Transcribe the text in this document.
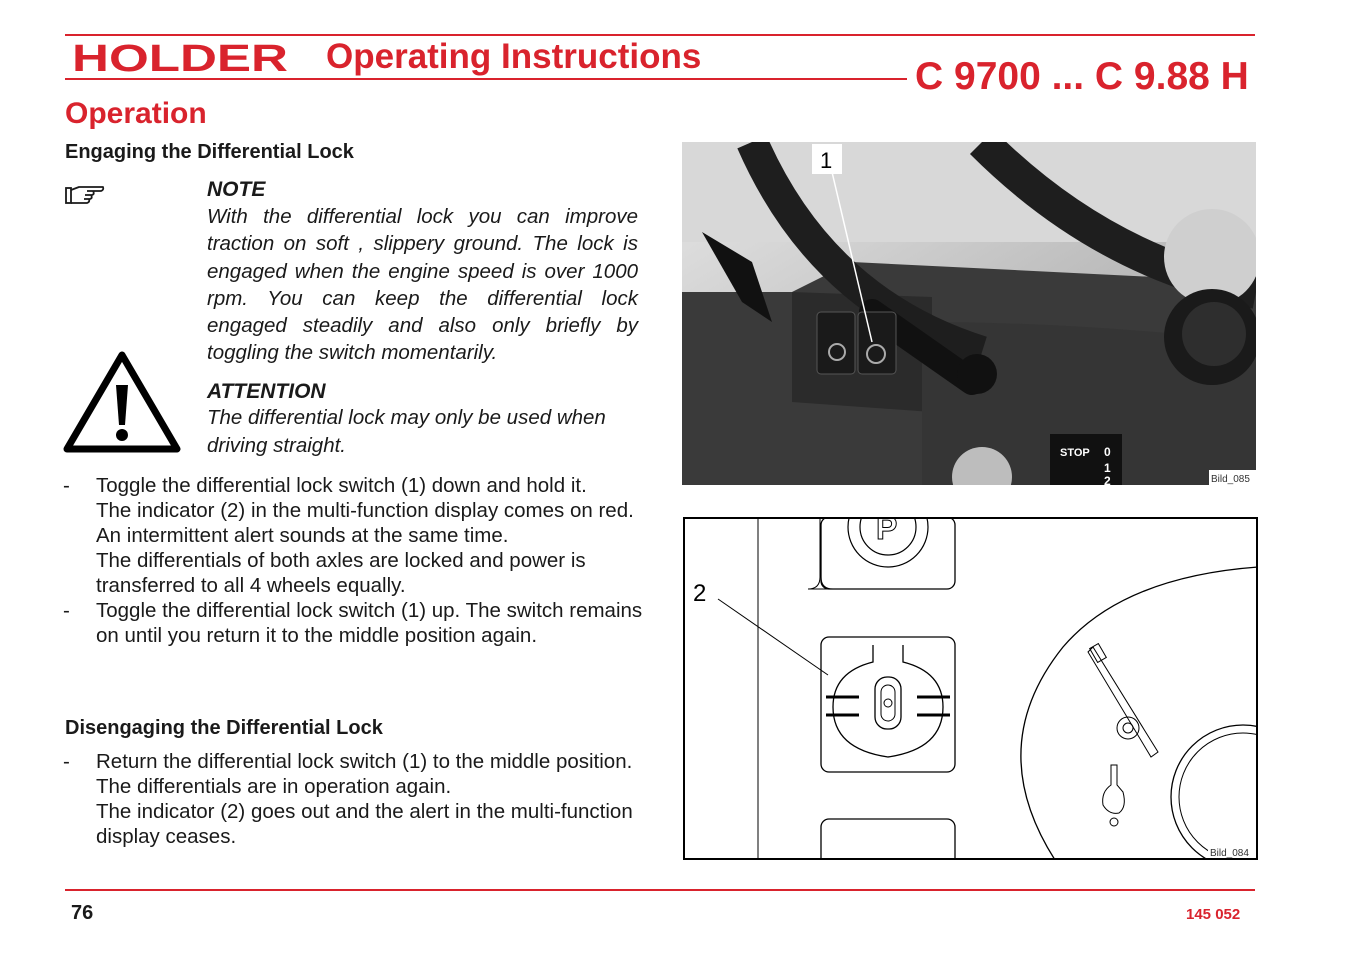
HOLDER Operating Instructions	C 9700 ... C 9.88 H
Operation
Engaging the Differential Lock
NOTE
With the differential lock you can improve traction on soft , slippery ground. The lock is engaged when the engine speed is over 1000 rpm. You can keep the differential lock engaged steadily and also only briefly by toggling the switch momentarily.
ATTENTION
The differential lock may only be used when driving straight.
- Toggle the differential lock switch (1) down and hold it.

The indicator (2) in the multi-function display comes on red. An intermittent alert sounds at the same time.

The differentials of both axles are locked and power is transferred to all 4 wheels equally.

- Toggle the differential lock switch (1) up. The switch remains on until you return it to the middle position again.

Disengaging the Differential Lock
- Return the differential lock switch (1) to the middle position. The differentials are in operation again.

The indicator (2) goes out and the alert in the multi-function display ceases.

STOP 0
1
2
1
Bild_085
P
2
Bild_084
76	145 052
